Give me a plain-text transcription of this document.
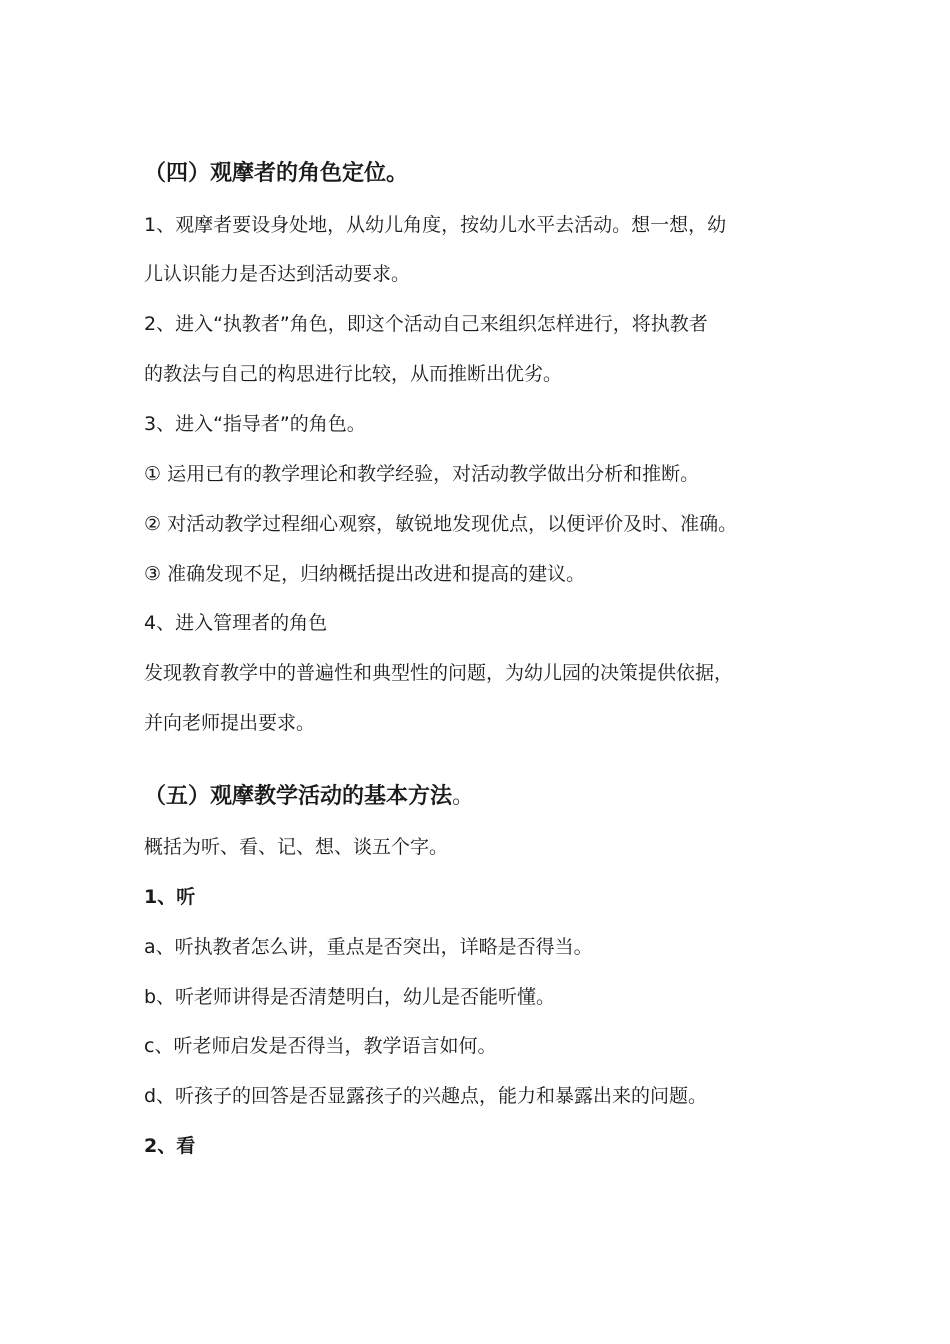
（四）观摩者的角色定位。
1、观摩者要设身处地，从幼儿角度，按幼儿水平去活动。想一想，幼
儿认识能力是否达到活动要求。
2、进入“执教者”角色，即这个活动自己来组织怎样进行，将执教者
的教法与自己的构思进行比较，从而推断出优劣。
3、进入“指导者”的角色。
① 运用已有的教学理论和教学经验，对活动教学做出分析和推断。
② 对活动教学过程细心观察，敏锐地发现优点，以便评价及时、准确。
③ 准确发现不足，归纳概括提出改进和提高的建议。
4、进入管理者的角色
发现教育教学中的普遍性和典型性的问题，为幼儿园的决策提供依据，
并向老师提出要求。
（五）观摩教学活动的基本方法。
概括为听、看、记、想、谈五个字。
1、听
a、听执教者怎么讲，重点是否突出，详略是否得当。
b、听老师讲得是否清楚明白，幼儿是否能听懂。
c、听老师启发是否得当，教学语言如何。
d、听孩子的回答是否显露孩子的兴趣点，能力和暴露出来的问题。
2、看
